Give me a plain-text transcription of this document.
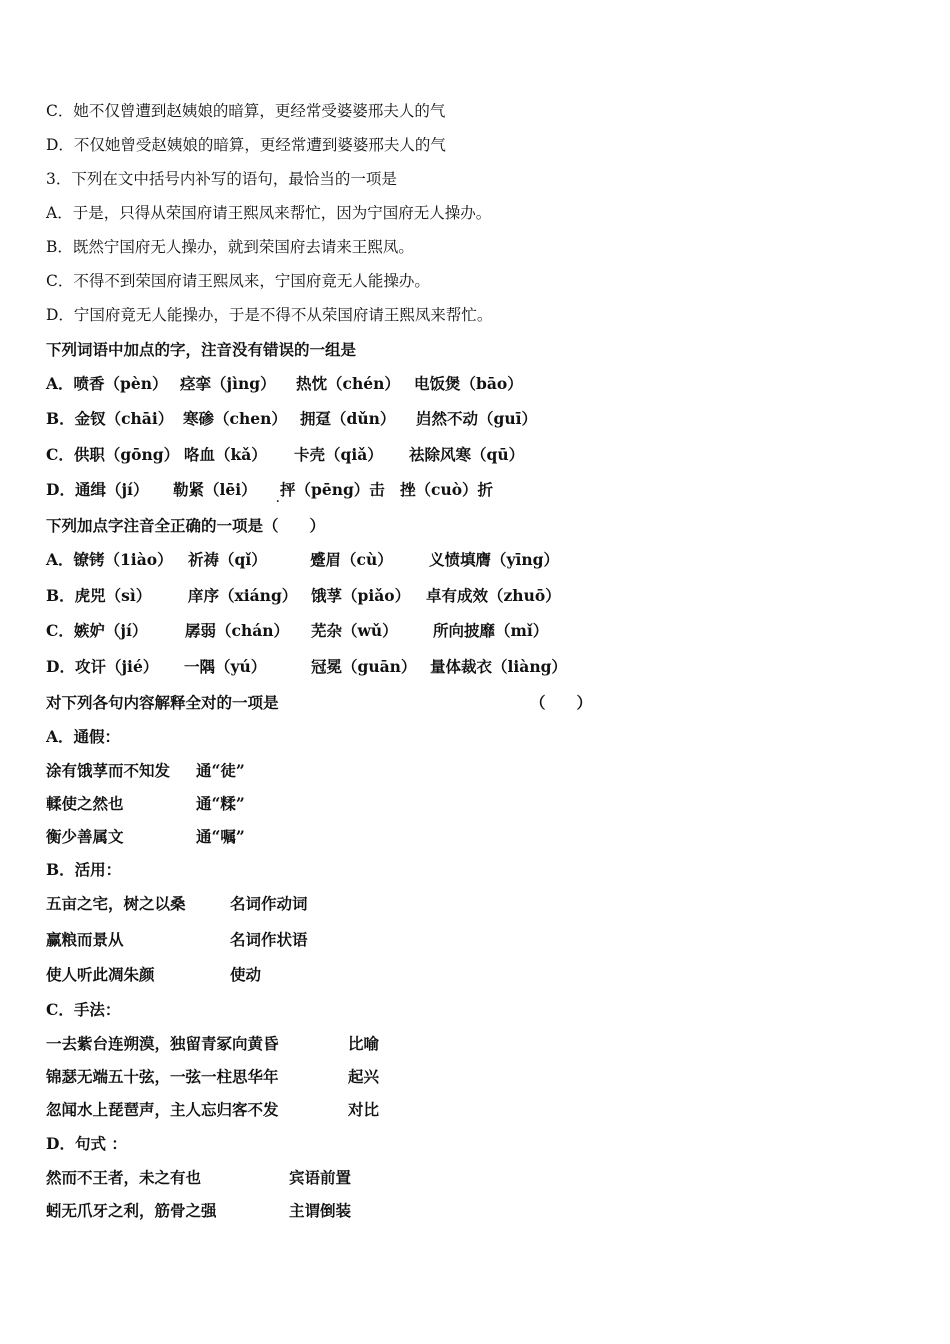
C．她不仅曾遭到赵姨娘的暗算，更经常受婆婆邢夫人的气
D．不仅她曾受赵姨娘的暗算，更经常遭到婆婆邢夫人的气
3．下列在文中括号内补写的语句，最恰当的一项是
A．于是，只得从荣国府请王熙凤来帮忙，因为宁国府无人操办。
B．既然宁国府无人操办，就到荣国府去请来王熙凤。
C．不得不到荣国府请王熙凤来，宁国府竟无人能操办。
D．宁国府竟无人能操办，于是不得不从荣国府请王熙凤来帮忙。
下列词语中加点的字，注音没有错误的一组是
A．喷香（pèn） 痉挛（jìng） 热忱（chén） 电饭煲（bāo）
B．金钗（chāi） 寒碜（chen） 拥趸（dǔn） 岿然不动（guī）
C．供职（gōng） 咯血（kǎ） 卡壳（qiǎ） 祛除风寒（qū）
D．通缉（jí） 勒紧（lēi） 抨（pēng）击 挫（cuò）折
.
下列加点字注音全正确的一项是（　　）
A．镣铐（1iào） 祈祷（qǐ）	蹙眉（cù） 义愤填膺（yīng）
B．虎兕（sì） 庠序（xiáng） 饿莩（piǎo） 卓有成效（zhuō）
C．嫉妒（jí） 孱弱（chán） 芜杂（wǔ） 所向披靡（mǐ）
D．攻讦（jié） 一隅（yú）	冠冕（guān） 量体裁衣（liàng）
对下列各句内容解释全对的一项是	（　　）
A．通假：
涂有饿莩而不知发 通“徒”
輮使之然也	通“糅”
衡少善属文	通“嘱”
B．活用：
五亩之宅，树之以桑	名词作动词
赢粮而景从	名词作状语
使人听此凋朱颜	使动
C．手法：
一去紫台连朔漠，独留青冢向黄昏	比喻
锦瑟无端五十弦，一弦一柱思华年	起兴
忽闻水上琵琶声，主人忘归客不发	对比
D．句式 ：
然而不王者，未之有也	宾语前置
蚓无爪牙之利，筋骨之强	主谓倒装
